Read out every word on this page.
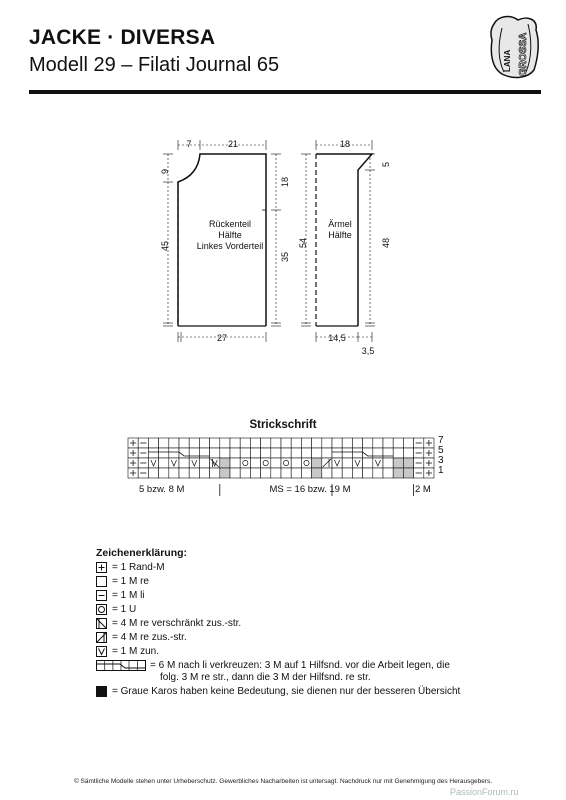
JACKE · DIVERSA
Modell 29 – Filati Journal 65	LANA GROSSA
7	21
9
45
18
35
27
Rückenteil
Hälfte
Linkes Vorderteil
18
5
54	48
14,5
3,5
Ärmel
Hälfte
Strickschrift
7
5
3
1
5 bzw. 8 M	MS = 16 bzw. 19 M	2 M
Zeichenerklärung:
= 1 Rand-M
= 1 M re
= 1 M li
= 1 U
= 4 M re verschränkt zus.-str.
= 4 M re zus.-str.
= 1 M zun.
= 6 M nach li verkreuzen: 3 M auf 1 Hilfsnd. vor die Arbeit legen, die
folg. 3 M re str., dann die 3 M der Hilfsnd. re str.
= Graue Karos haben keine Bedeutung, sie dienen nur der besseren Übersicht
© Sämtliche Modelle stehen unter Urheberschutz. Gewerbliches Nacharbeiten ist untersagt. Nachdruck nur mit Genehmigung des Herausgebers.
PassionForum.ru
